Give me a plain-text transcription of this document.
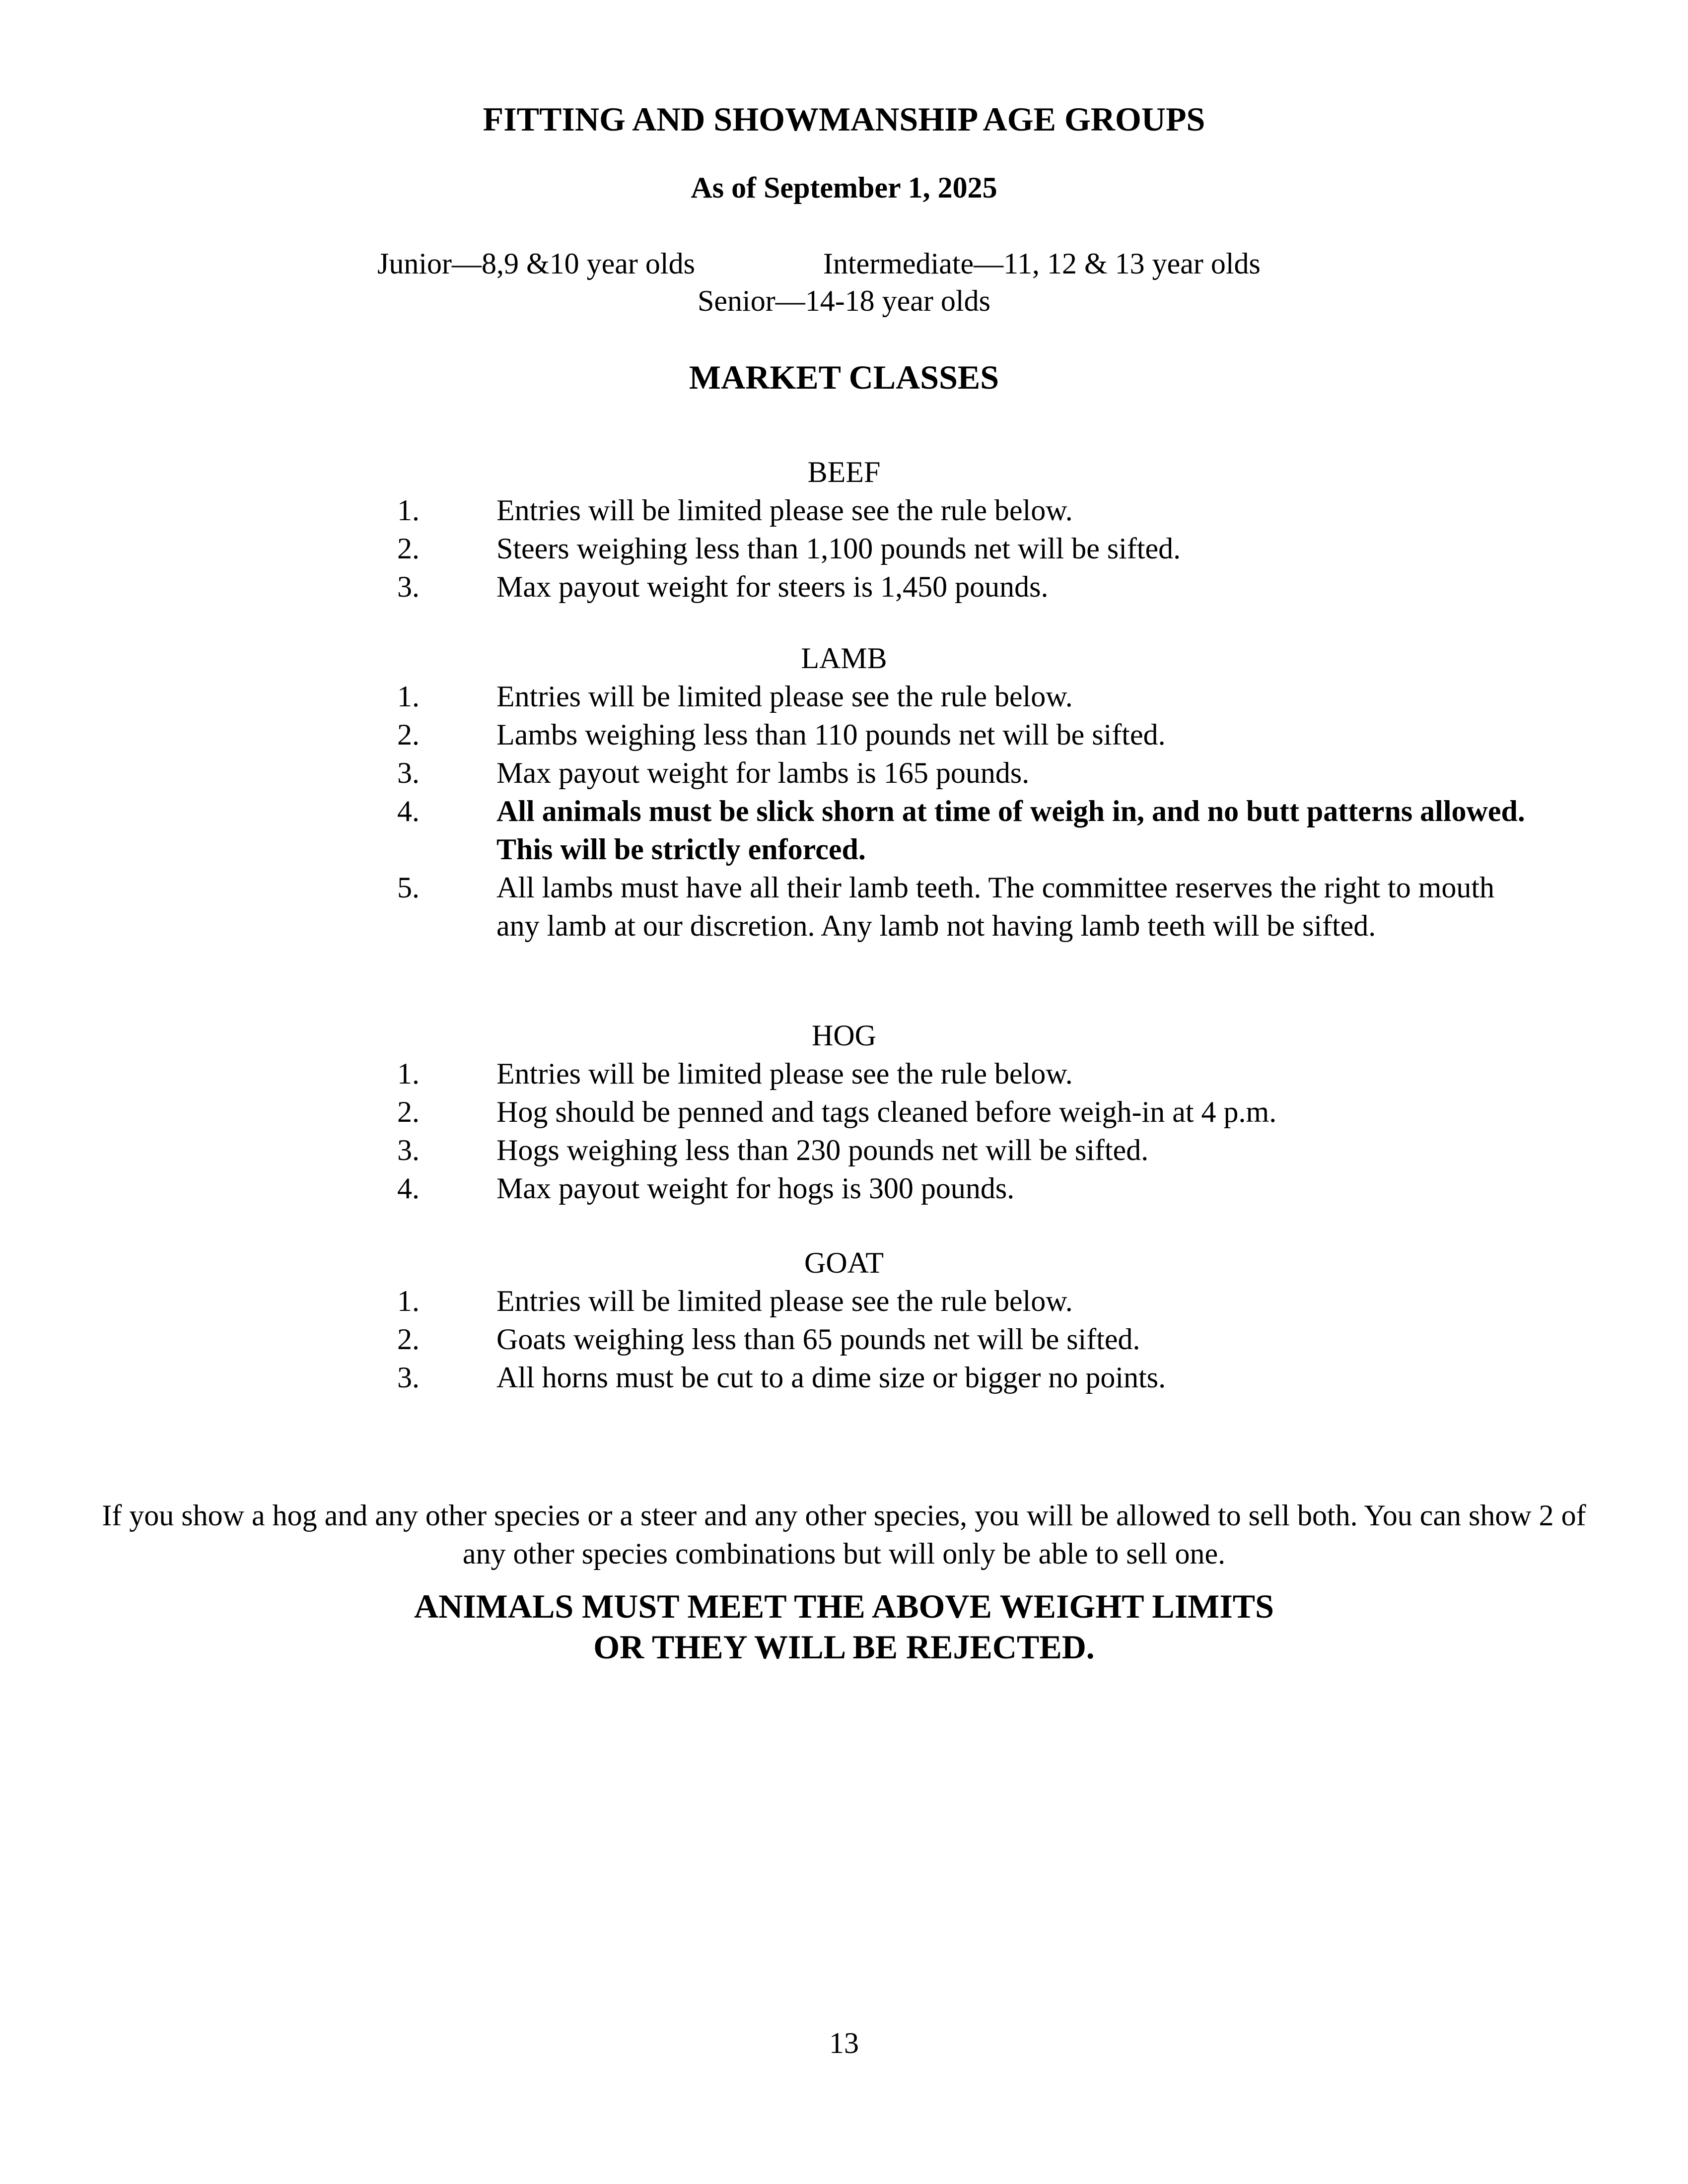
FITTING AND SHOWMANSHIP AGE GROUPS
As of September 1, 2025
Junior—8,9 &10 year olds	Intermediate—11, 12 & 13 year olds
Senior—14-18 year olds
MARKET CLASSES
BEEF
1.	Entries will be limited please see the rule below.
2.	Steers weighing less than 1,100 pounds net will be sifted.
3.	Max payout weight for steers is 1,450 pounds.
LAMB
1.	Entries will be limited please see the rule below.
2.	Lambs weighing less than 110 pounds net will be sifted.
3.	Max payout weight for lambs is 165 pounds.
4.	All animals must be slick shorn at time of weigh in, and no butt patterns allowed. This will be strictly enforced.
5.	All lambs must have all their lamb teeth. The committee reserves the right to mouth any lamb at our discretion. Any lamb not having lamb teeth will be sifted.
HOG
1.	Entries will be limited please see the rule below.
2.	Hog should be penned and tags cleaned before weigh-in at 4 p.m.
3.	Hogs weighing less than 230 pounds net will be sifted.
4.	Max payout weight for hogs is 300 pounds.
GOAT
1.	Entries will be limited please see the rule below.
2.	Goats weighing less than 65 pounds net will be sifted.
3.	All horns must be cut to a dime size or bigger no points.

If you show a hog and any other species or a steer and any other species, you will be allowed to sell both. You can show 2 of any other species combinations but will only be able to sell one.

ANIMALS MUST MEET THE ABOVE WEIGHT LIMITS
OR THEY WILL BE REJECTED.
13
